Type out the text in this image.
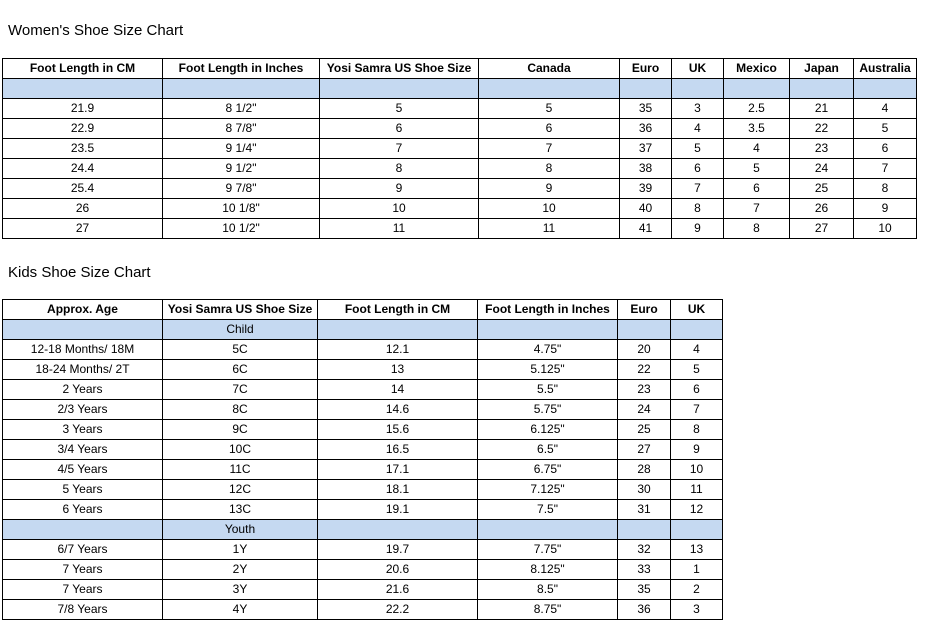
Women's Shoe Size Chart
Foot Length in CM	Foot Length in Inches	Yosi Samra US Shoe Size	Canada	Euro	UK	Mexico	Japan	Australia

21.9	8 1/2"	5	5	35	3	2.5	21	4
22.9	8 7/8"	6	6	36	4	3.5	22	5
23.5	9 1/4"	7	7	37	5	4	23	6
24.4	9 1/2"	8	8	38	6	5	24	7
25.4	9 7/8"	9	9	39	7	6	25	8
26	10 1/8"	10	10	40	8	7	26	9
27	10 1/2"	11	11	41	9	8	27	10
Kids Shoe Size Chart
Approx. Age	Yosi Samra US Shoe Size	Foot Length in CM	Foot Length in Inches	Euro	UK
	Child				
12-18 Months/ 18M	5C	12.1	4.75"	20	4
18-24 Months/ 2T	6C	13	5.125"	22	5
2 Years	7C	14	5.5"	23	6
2/3 Years	8C	14.6	5.75"	24	7
3 Years	9C	15.6	6.125"	25	8
3/4 Years	10C	16.5	6.5"	27	9
4/5 Years	11C	17.1	6.75"	28	10
5 Years	12C	18.1	7.125"	30	11
6 Years	13C	19.1	7.5"	31	12
	Youth				
6/7 Years	1Y	19.7	7.75"	32	13
7 Years	2Y	20.6	8.125"	33	1
7 Years	3Y	21.6	8.5"	35	2
7/8 Years	4Y	22.2	8.75"	36	3
